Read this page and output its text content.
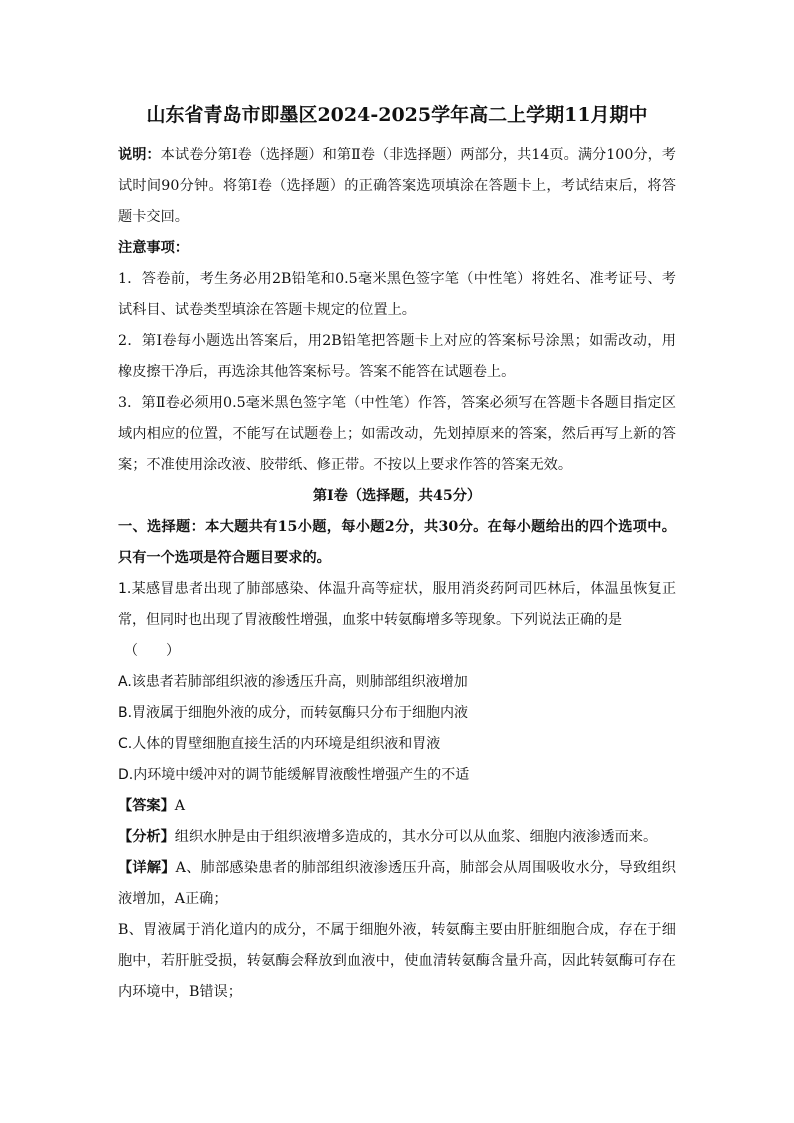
山东省青岛市即墨区2024-2025学年高二上学期11月期中

说明：本试卷分第Ⅰ卷（选择题）和第Ⅱ卷（非选择题）两部分，共14页。满分100分，考试时间90分钟。将第Ⅰ卷（选择题）的正确答案选项填涂在答题卡上，考试结束后，将答题卡交回。

注意事项：

1．答卷前，考生务必用2B铅笔和0.5毫米黑色签字笔（中性笔）将姓名、准考证号、考试科目、试卷类型填涂在答题卡规定的位置上。

2．第Ⅰ卷每小题选出答案后，用2B铅笔把答题卡上对应的答案标号涂黑；如需改动，用橡皮擦干净后，再选涂其他答案标号。答案不能答在试题卷上。

3．第Ⅱ卷必须用0.5毫米黑色签字笔（中性笔）作答，答案必须写在答题卡各题目指定区域内相应的位置，不能写在试题卷上；如需改动，先划掉原来的答案，然后再写上新的答案；不准使用涂改液、胶带纸、修正带。不按以上要求作答的答案无效。

第Ⅰ卷（选择题，共45分）

一、选择题：本大题共有15小题，每小题2分，共30分。在每小题给出的四个选项中。只有一个选项是符合题目要求的。

1.某感冒患者出现了肺部感染、体温升高等症状，服用消炎药阿司匹林后，体温虽恢复正常，但同时也出现了胃液酸性增强，血浆中转氨酶增多等现象。下列说法正确的是

（　　）

A.该患者若肺部组织液的渗透压升高，则肺部组织液增加

B.胃液属于细胞外液的成分，而转氨酶只分布于细胞内液

C.人体的胃壁细胞直接生活的内环境是组织液和胃液

D.内环境中缓冲对的调节能缓解胃液酸性增强产生的不适

【答案】A

【分析】组织水肿是由于组织液增多造成的，其水分可以从血浆、细胞内液渗透而来。

【详解】A、肺部感染患者的肺部组织液渗透压升高，肺部会从周围吸收水分，导致组织液增加，A正确；

B、胃液属于消化道内的成分，不属于细胞外液，转氨酶主要由肝脏细胞合成，存在于细胞中，若肝脏受损，转氨酶会释放到血液中，使血清转氨酶含量升高，因此转氨酶可存在内环境中，B错误；
